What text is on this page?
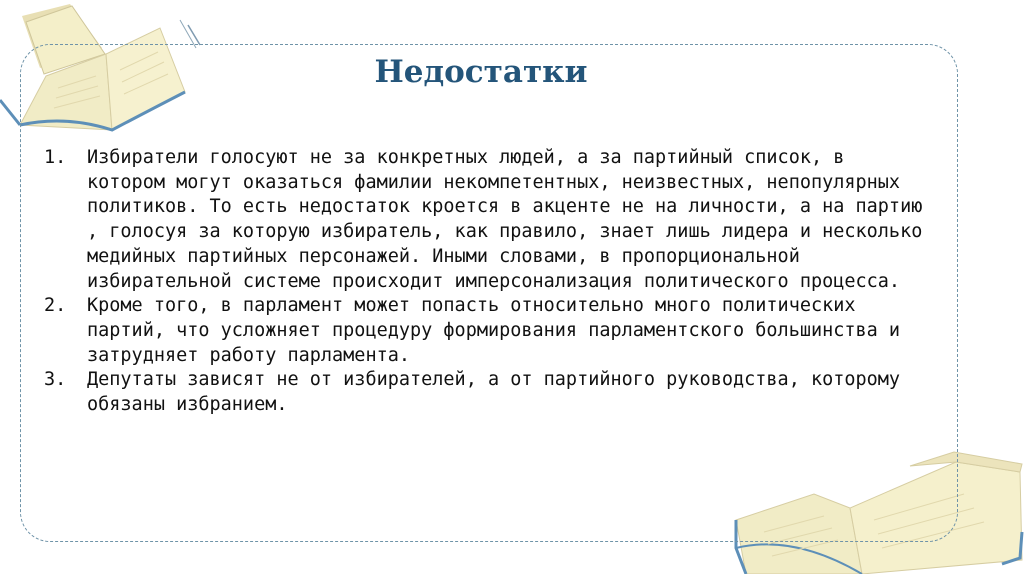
Недостатки
1. Избиратели голосуют не за конкретных людей, а за партийный список, в котором могут оказаться фамилии некомпетентных, неизвестных, непопулярных политиков. То есть недостаток кроется в акценте не на личности, а на партию , голосуя за которую избиратель, как правило, знает лишь лидера и несколько медийных партийных персонажей. Иными словами, в пропорциональной избирательной системе происходит имперсонализация политического процесса.
2. Кроме того, в парламент может попасть относительно много политических партий, что усложняет процедуру формирования парламентского большинства и затрудняет работу парламента.
3. Депутаты зависят не от избирателей, а от партийного руководства, которому обязаны избранием.
